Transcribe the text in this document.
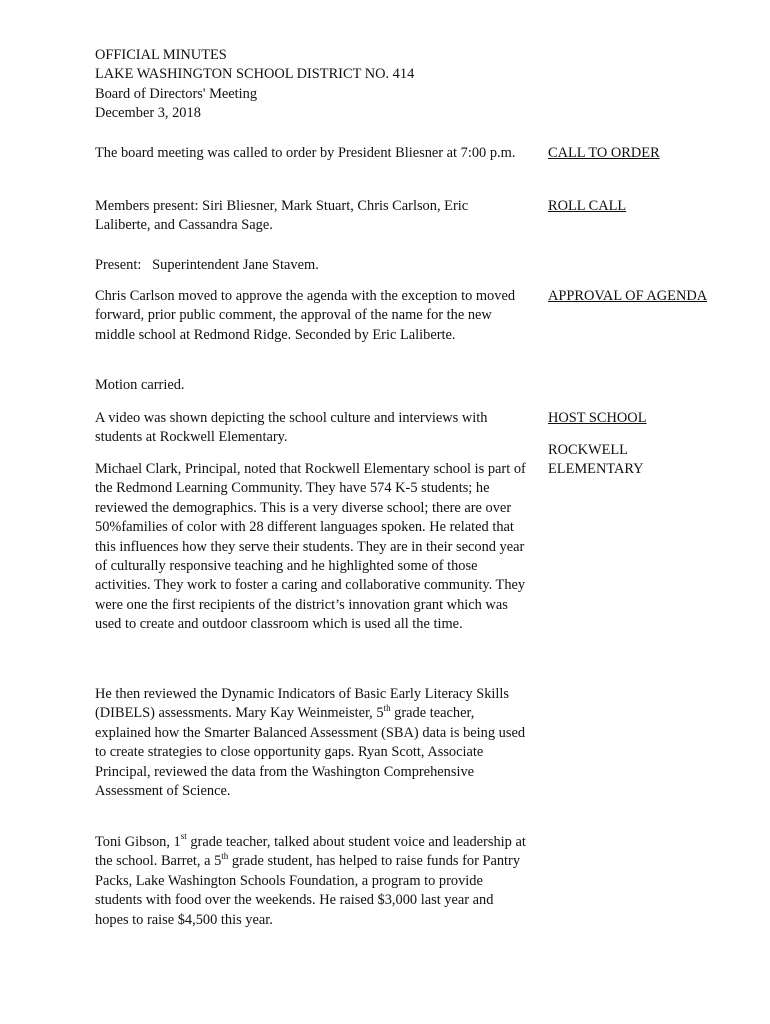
OFFICIAL MINUTES
LAKE WASHINGTON SCHOOL DISTRICT NO. 414
Board of Directors' Meeting
December 3, 2018

The board meeting was called to order by President Bliesner at 7:00 p.m.	CALL TO ORDER

Members present: Siri Bliesner, Mark Stuart, Chris Carlson, Eric Laliberte, and Cassandra Sage.

ROLL CALL
Present:   Superintendent Jane Stavem.

Chris Carlson moved to approve the agenda with the exception to moved forward, prior public comment, the approval of the name for the new middle school at Redmond Ridge. Seconded by Eric Laliberte.

APPROVAL OF AGENDA
Motion carried.

A video was shown depicting the school culture and interviews with students at Rockwell Elementary.

HOST SCHOOL
ROCKWELL
ELEMENTARY

Michael Clark, Principal, noted that Rockwell Elementary school is part of the Redmond Learning Community. They have 574 K-5 students; he reviewed the demographics. This is a very diverse school; there are over 50%families of color with 28 different languages spoken. He related that this influences how they serve their students. They are in their second year of culturally responsive teaching and he highlighted some of those activities. They work to foster a caring and collaborative community. They were one the first recipients of the district’s innovation grant which was used to create and outdoor classroom which is used all the time.

He then reviewed the Dynamic Indicators of Basic Early Literacy Skills (DIBELS) assessments. Mary Kay Weinmeister, 5th grade teacher, explained how the Smarter Balanced Assessment (SBA) data is being used to create strategies to close opportunity gaps. Ryan Scott, Associate Principal, reviewed the data from the Washington Comprehensive Assessment of Science.

Toni Gibson, 1st grade teacher, talked about student voice and leadership at the school. Barret, a 5th grade student, has helped to raise funds for Pantry Packs, Lake Washington Schools Foundation, a program to provide students with food over the weekends. He raised $3,000 last year and hopes to raise $4,500 this year.
